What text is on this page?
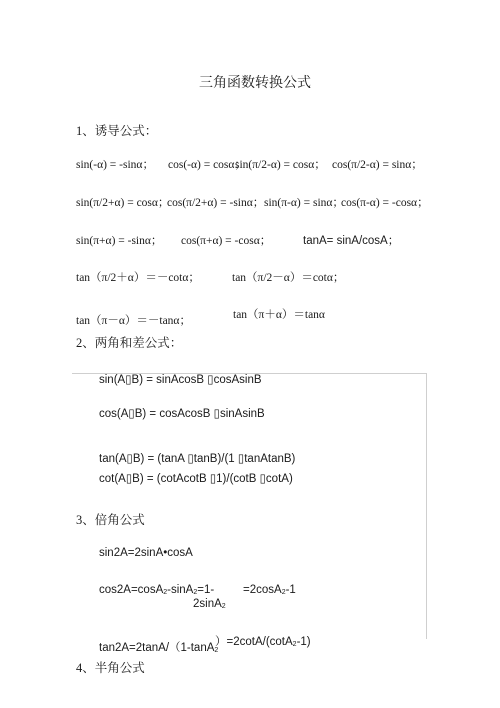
三角函数转换公式
1、诱导公式：
sin(-α) = -sinα； cos(-α) = cosα；
sin(π/2-α) = cosα； cos(π/2-α) = sinα；
sin(π/2+α) = cosα；
cos(π/2+α) = -sinα； sin(π-α) = sinα；
cos(π-α) = -cosα；
sin(π+α) = -sinα； cos(π+α) = -cosα；	tanA= sinA/cosA；
tan（π/2＋α）＝－cotα；	tan（π/2－α）＝cotα；
tan（π－α）＝－tanα；	tan（π＋α）＝tanα
2、两角和差公式：
sin(A▯B) = sinAcosB ▯cosAsinB
cos(A▯B) = cosAcosB ▯sinAsinB
tan(A▯B) = (tanA ▯tanB)/(1 ▯tanAtanB)
cot(A▯B) = (cotAcotB ▯1)/(cotB ▯cotA)
3、倍角公式
sin2A=2sinA•cosA
cos2A=cosA$_2$-sinA$_2$=1-	=2cosA$_2$-1
2sinA$_2$
tan2A=2tanA/（1-tanA$_2$
）=2cotA/(cotA$_2$-1)
4、半角公式
